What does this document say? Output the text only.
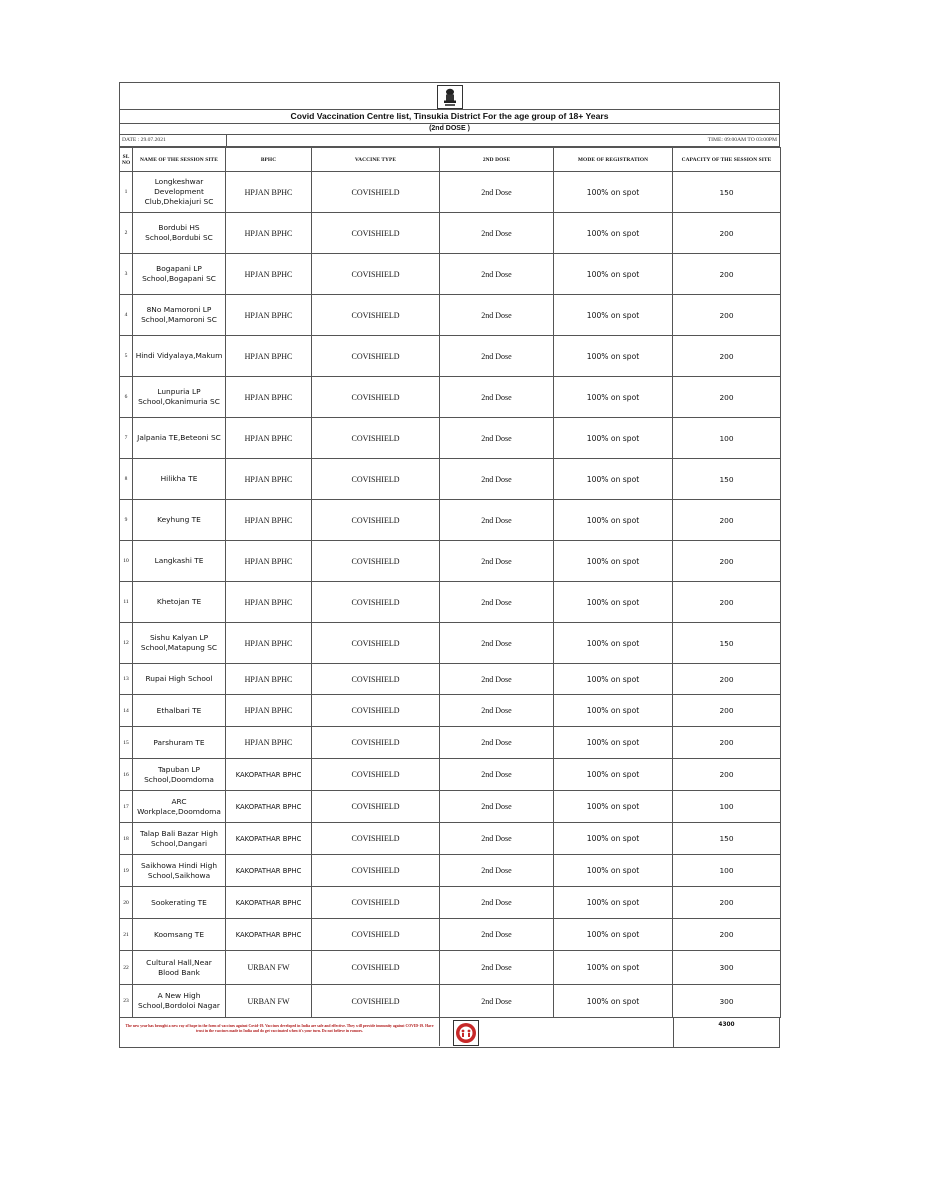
Covid Vaccination Centre list, Tinsukia District For the age group of 18+ Years
(2nd DOSE )
DATE : 29.07.2021	TIME: 09:00AM TO 03:00PM
SL NO	NAME OF THE SESSION SITE	BPHC	VACCINE TYPE	2ND DOSE	MODE OF REGISTRATION	CAPACITY OF THE SESSION SITE
1	Longkeshwar Development Club,Dhekiajuri SC	HPJAN BPHC	COVISHIELD	2nd Dose	100% on spot	150
2	Bordubi HS School,Bordubi SC	HPJAN BPHC	COVISHIELD	2nd Dose	100% on spot	200
3	Bogapani LP School,Bogapani SC	HPJAN BPHC	COVISHIELD	2nd Dose	100% on spot	200
4	8No Mamoroni LP School,Mamoroni SC	HPJAN BPHC	COVISHIELD	2nd Dose	100% on spot	200
5	Hindi Vidyalaya,Makum	HPJAN BPHC	COVISHIELD	2nd Dose	100% on spot	200
6	Lunpuria LP School,Okanimuria SC	HPJAN BPHC	COVISHIELD	2nd Dose	100% on spot	200
7	Jalpania TE,Beteoni SC	HPJAN BPHC	COVISHIELD	2nd Dose	100% on spot	100
8	Hilikha TE	HPJAN BPHC	COVISHIELD	2nd Dose	100% on spot	150
9	Keyhung TE	HPJAN BPHC	COVISHIELD	2nd Dose	100% on spot	200
10	Langkashi TE	HPJAN BPHC	COVISHIELD	2nd Dose	100% on spot	200
11	Khetojan TE	HPJAN BPHC	COVISHIELD	2nd Dose	100% on spot	200
12	Sishu Kalyan LP School,Matapung SC	HPJAN BPHC	COVISHIELD	2nd Dose	100% on spot	150
13	Rupai High School	HPJAN BPHC	COVISHIELD	2nd Dose	100% on spot	200
14	Ethalbari TE	HPJAN BPHC	COVISHIELD	2nd Dose	100% on spot	200
15	Parshuram TE	HPJAN BPHC	COVISHIELD	2nd Dose	100% on spot	200
16	Tapuban LP School,Doomdoma	KAKOPATHAR BPHC	COVISHIELD	2nd Dose	100% on spot	200
17	ARC Workplace,Doomdoma	KAKOPATHAR BPHC	COVISHIELD	2nd Dose	100% on spot	100
18	Talap Bali Bazar High School,Dangari	KAKOPATHAR BPHC	COVISHIELD	2nd Dose	100% on spot	150
19	Saikhowa Hindi High School,Saikhowa	KAKOPATHAR BPHC	COVISHIELD	2nd Dose	100% on spot	100
20	Sookerating TE	KAKOPATHAR BPHC	COVISHIELD	2nd Dose	100% on spot	200
21	Koomsang TE	KAKOPATHAR BPHC	COVISHIELD	2nd Dose	100% on spot	200
22	Cultural Hall,Near Blood Bank	URBAN FW	COVISHIELD	2nd Dose	100% on spot	300
23	A New High School,Bordoloi Nagar	URBAN FW	COVISHIELD	2nd Dose	100% on spot	300
The new year has brought a new ray of hope in the form of vaccines against Covid-19. Vaccines developed in India are safe and effective. They will provide immunity against COVID-19. Have trust in the vaccines made in India and do get vaccinated when it's your turn. Do not believe in rumors.
4300
